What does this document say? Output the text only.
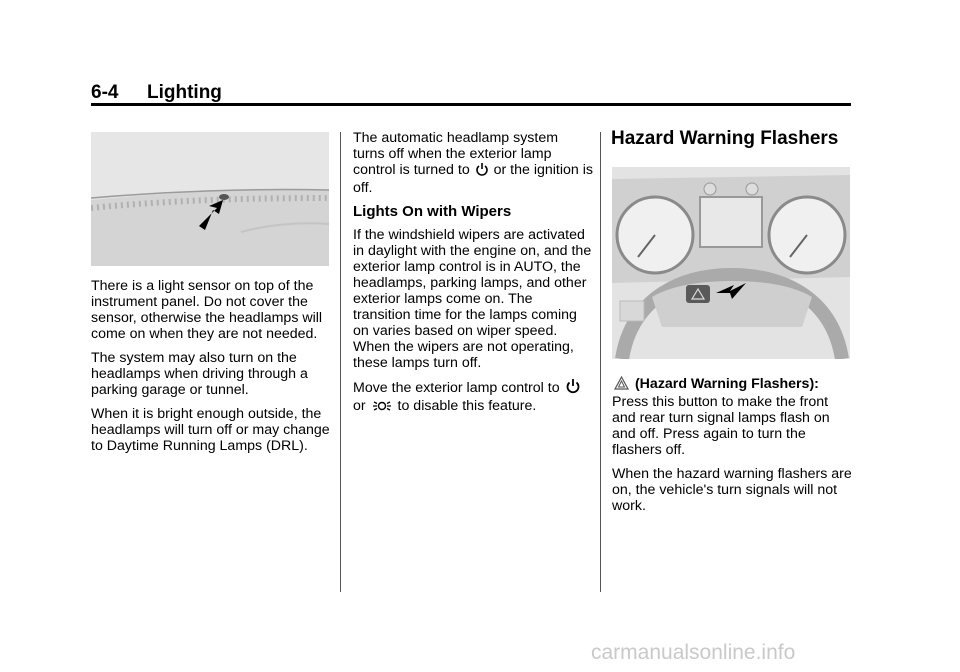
6-4 Lighting

There is a light sensor on top of the instrument panel. Do not cover the sensor, otherwise the headlamps will come on when they are not needed.

The system may also turn on the headlamps when driving through a parking garage or tunnel.

When it is bright enough outside, the headlamps will turn off or may change to Daytime Running Lamps (DRL).

The automatic headlamp system turns off when the exterior lamp control is turned to or the ignition is off.

Lights On with Wipers

If the windshield wipers are activated in daylight with the engine on, and the exterior lamp control is in AUTO, the headlamps, parking lamps, and other exterior lamps come on. The transition time for the lamps coming on varies based on wiper speed. When the wipers are not operating, these lamps turn off.

Move the exterior lamp control to  or to disable this feature.

Hazard Warning Flashers

(Hazard Warning Flashers): Press this button to make the front and rear turn signal lamps flash on and off. Press again to turn the flashers off.

When the hazard warning flashers are on, the vehicle's turn signals will not work.

carmanualsonline.info
